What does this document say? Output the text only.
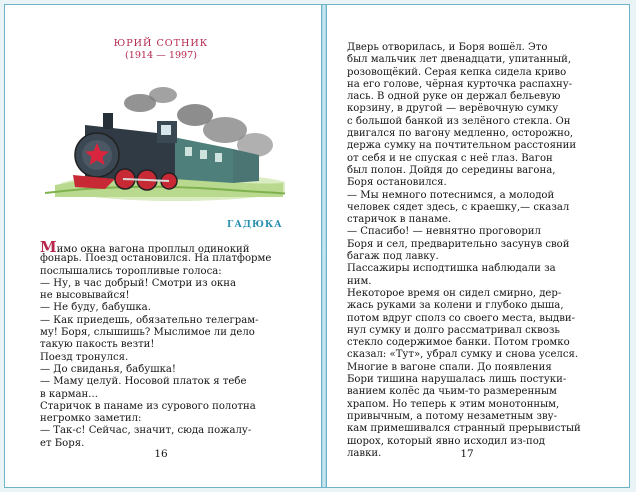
ЮРИЙ СОТНИК
(1914 — 1997)
ГАДЮКА
Мимо окна вагона проплыл одинокий
фонарь. Поезд остановился. На платформе
послышались торопливые голоса:
— Ну, в час добрый! Смотри из окна
не высовывайся!
— Не буду, бабушка.
— Как приедешь, обязательно телеграм-
му! Боря, слышишь? Мыслимое ли дело
такую пакость везти!
Поезд тронулся.
— До свиданья, бабушка!
— Маму целуй. Носовой платок я тебе
в карман...
Старичок в панаме из сурового полотна
негромко заметил:
— Так-с! Сейчас, значит, сюда пожалу-
ет Боря.
16
Дверь отворилась, и Боря вошёл. Это
был мальчик лет двенадцати, упитанный,
розовощёкий. Серая кепка сидела криво
на его голове, чёрная курточка распахну-
лась. В одной руке он держал бельевую
корзину, в другой — верёвочную сумку
с большой банкой из зелёного стекла. Он
двигался по вагону медленно, осторожно,
держа сумку на почтительном расстоянии
от себя и не спуская с неё глаз. Вагон
был полон. Дойдя до середины вагона,
Боря остановился.
— Мы немного потеснимся, а молодой
человек сядет здесь, с краешку,— сказал
старичок в панаме.
— Спасибо! — невнятно проговорил
Боря и сел, предварительно засунув свой
багаж под лавку.
Пассажиры исподтишка наблюдали за
ним.
Некоторое время он сидел смирно, дер-
жась руками за колени и глубоко дыша,
потом вдруг сполз со своего места, выдви-
нул сумку и долго рассматривал сквозь
стекло содержимое банки. Потом громко
сказал: «Тут», убрал сумку и снова уселся.
Многие в вагоне спали. До появления
Бори тишина нарушалась лишь постуки-
ванием колёс да чьим-то размеренным
храпом. Но теперь к этим монотонным,
привычным, а потому незаметным зву-
кам примешивался странный прерывистый
шорох, который явно исходил из-под
лавки.	17
